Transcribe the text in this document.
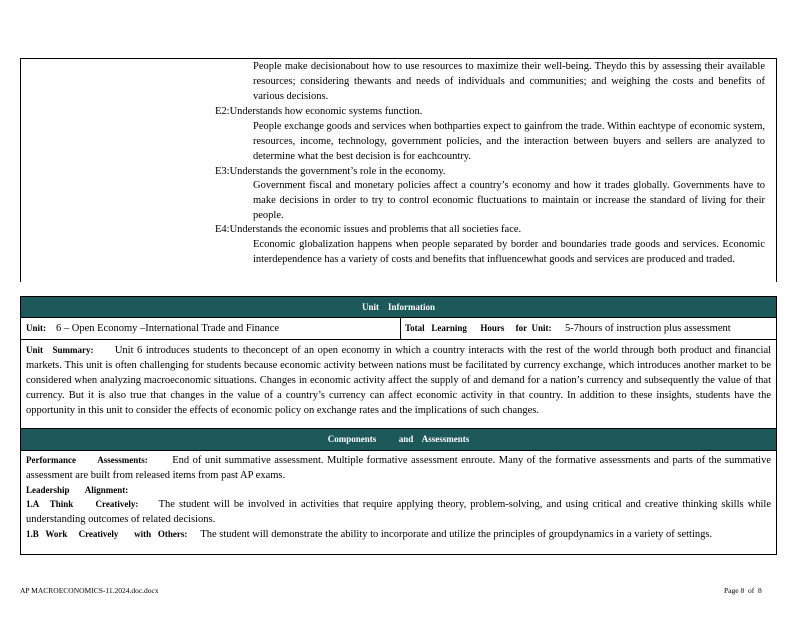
People make decisionabout how to use resources to maximize their well-being. Theydo this by assessing their available resources; considering thewants and needs of individuals and communities; and weighing the costs and benefits of various decisions.
E2:Understands how economic systems function.
People exchange goods and services when bothparties expect to gainfrom the trade. Within eachtype of economic system, resources, income, technology, government policies, and the interaction between buyers and sellers are analyzed to determine what the best decision is for eachcountry.
E3:Understands the government’s role in the economy.
Government fiscal and monetary policies affect a country’s economy and how it trades globally. Governments have to make decisions in order to try to control economic fluctuations to maintain or increase the standard of living for their people.
E4:Understands the economic issues and problems that all societies face.
Economic globalization happens when people separated by border and boundaries trade goods and services. Economic interdependence has a variety of costs and benefits that influencewhat goods and services are produced and traded.
Unit    Information
Unit: 6 – Open Economy –International Trade and Finance	Total   Learning      Hours     for  Unit: 5-7hours of instruction plus assessment
Unit   Summary: Unit 6 introduces students to theconcept of an open economy in which a country interacts with the rest of the world through both product and financial markets. This unit is often challenging for students because economic activity between nations must be facilitated by currency exchange, which introduces another market to be considered when analyzing macroeconomic situations. Changes in economic activity affect the supply of and demand for a nation’s currency and subsequently the value of that currency. But it is also true that changes in the value of a country’s currency can affect economic activity in that country. In addition to these insights, students have the opportunity in this unit to consider the effects of economic policy on exchange rates and the implications of such changes.
Components          and    Assessments
Performance       Assessments: End of unit summative assessment. Multiple formative assessment enroute. Many of the formative assessments and parts of the summative assessment are built from released items from past AP exams.
Leadership       Alignment:
1.A   Think      Creatively: The student will be involved in activities that require applying theory, problem-solving, and using critical and creative thinking skills while understanding outcomes of related decisions.
1.B   Work     Creatively       with   Others: The student will demonstrate the ability to incorporate and utilize the principles of groupdynamics in a variety of settings.
AP MACROECONOMICS-11.2024.doc.docx	Page 8  of  8
